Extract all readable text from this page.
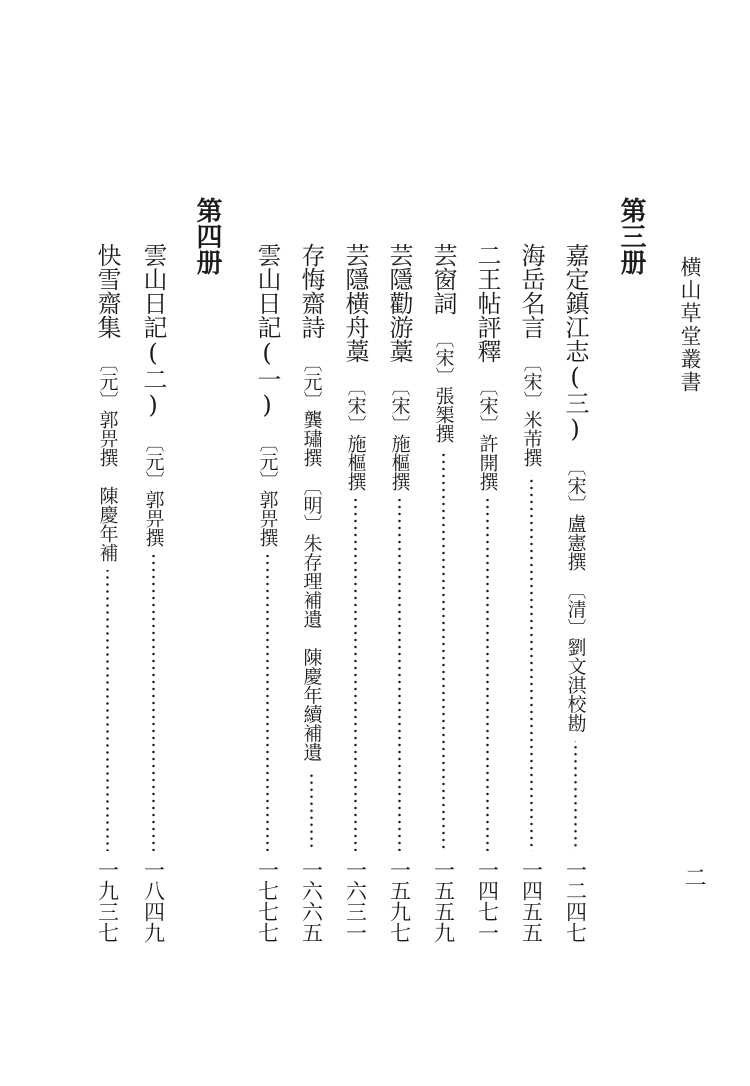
横山草堂叢書
二
第三册
第四册
嘉定鎮江志(三)
〔宋〕盧憲撰　〔清〕劉文淇校勘
一二四七
海岳名言
〔宋〕米芾撰
一四五五
二王帖評釋
〔宋〕許開撰
一四七一
芸窗詞
〔宋〕張榘撰
一五五九
芸隱勸游藁
〔宋〕施樞撰
一五九七
芸隱横舟藁
〔宋〕施樞撰
一六三一
存悔齋詩
〔元〕龔璛撰　〔明〕朱存理補遺　陳慶年續補遺
一六六五
雲山日記(一)
〔元〕郭畀撰
一七七七
雲山日記(二)
〔元〕郭畀撰
一八四九
快雪齋集
〔元〕郭畀撰　陳慶年補
一九三七
